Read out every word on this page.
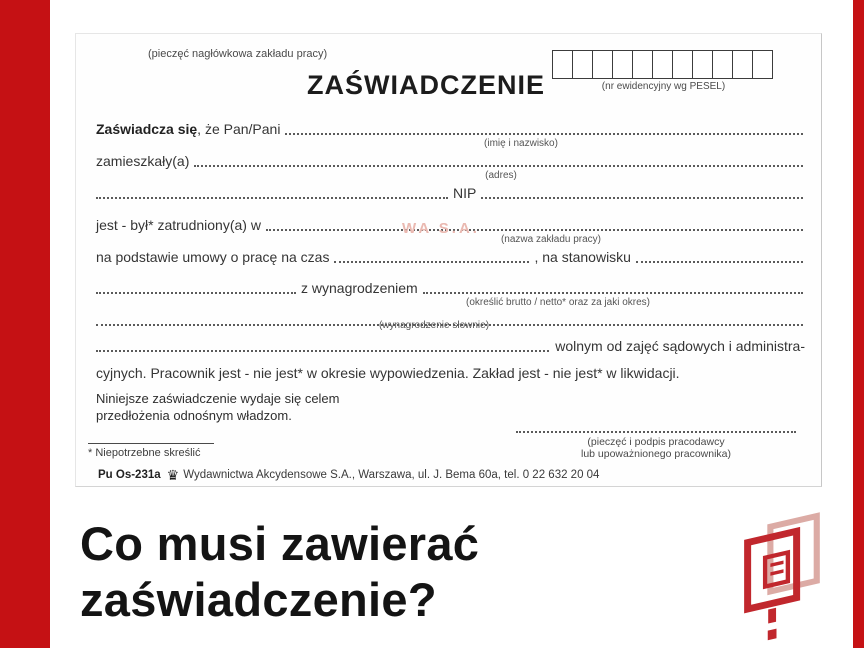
(pieczęć nagłówkowa zakładu pracy)
ZAŚWIADCZENIE	(nr ewidencyjny wg PESEL)
Zaświadcza się , że Pan/Pani
(imię i nazwisko)
zamieszkały(a)
(adres)
NIP
jest - był* zatrudniony(a) w	WA S.A.
(nazwa zakładu pracy)
na podstawie umowy o pracę na czas	, na stanowisku
z wynagrodzeniem
(określić brutto / netto* oraz za jaki okres)
(wynagrodzenie słownie)
wolnym od zajęć sądowych i administra-
cyjnych. Pracownik jest - nie jest* w okresie wypowiedzenia. Zakład jest - nie jest* w likwidacji.
Niniejsze zaświadczenie wydaje się celem
przedłożenia odnośnym władzom.
(pieczęć i podpis pracodawcy
lub upoważnionego pracownika)
* Niepotrzebne skreślić
Pu Os-231a ♛ Wydawnictwa Akcydensowe S.A., Warszawa, ul. J. Bema 60a, tel. 0 22 632 20 04
Co musi zawierać
zaświadczenie?
